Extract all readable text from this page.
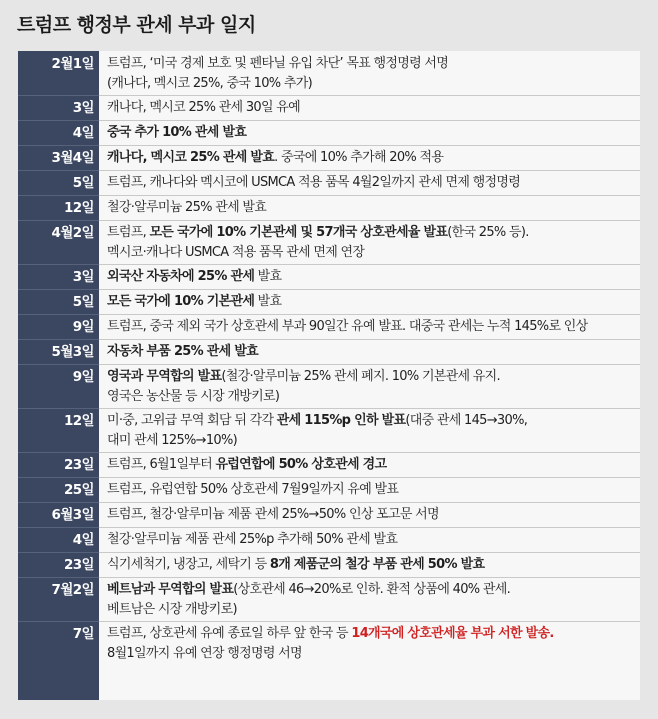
트럼프 행정부 관세 부과 일지
2월1일 트럼프, ‘미국 경제 보호 및 펜타닐 유입 차단’ 목표 행정명령 서명
(캐나다, 멕시코 25%, 중국 10% 추가)
3일 캐나다, 멕시코 25% 관세 30일 유예
4일 중국 추가 10% 관세 발효
3월4일 캐나다, 멕시코 25% 관세 발효. 중국에 10% 추가해 20% 적용
5일 트럼프, 캐나다와 멕시코에 USMCA 적용 품목 4월2일까지 관세 면제 행정명령
12일 철강·알루미늄 25% 관세 발효
4월2일 트럼프, 모든 국가에 10% 기본관세 및 57개국 상호관세율 발표(한국 25% 등).
멕시코·캐나다 USMCA 적용 품목 관세 면제 연장
3일 외국산 자동차에 25% 관세 발효
5일 모든 국가에 10% 기본관세 발효
9일 트럼프, 중국 제외 국가 상호관세 부과 90일간 유예 발표. 대중국 관세는 누적 145%로 인상
5월3일 자동차 부품 25% 관세 발효
9일 영국과 무역합의 발표(철강·알루미늄 25% 관세 폐지. 10% 기본관세 유지.
영국은 농산물 등 시장 개방키로)
12일 미·중, 고위급 무역 회담 뒤 각각 관세 115%p 인하 발표(대중 관세 145→30%,
대미 관세 125%→10%)
23일 트럼프, 6월1일부터 유럽연합에 50% 상호관세 경고
25일 트럼프, 유럽연합 50% 상호관세 7월9일까지 유예 발표
6월3일 트럼프, 철강·알루미늄 제품 관세 25%→50% 인상 포고문 서명
4일 철강·알루미늄 제품 관세 25%p 추가해 50% 관세 발효
23일 식기세척기, 냉장고, 세탁기 등 8개 제품군의 철강 부품 관세 50% 발효
7월2일 베트남과 무역합의 발표(상호관세 46→20%로 인하. 환적 상품에 40% 관세.
베트남은 시장 개방키로)
7일 트럼프, 상호관세 유예 종료일 하루 앞 한국 등 14개국에 상호관세율 부과 서한 발송.
8월1일까지 유예 연장 행정명령 서명
